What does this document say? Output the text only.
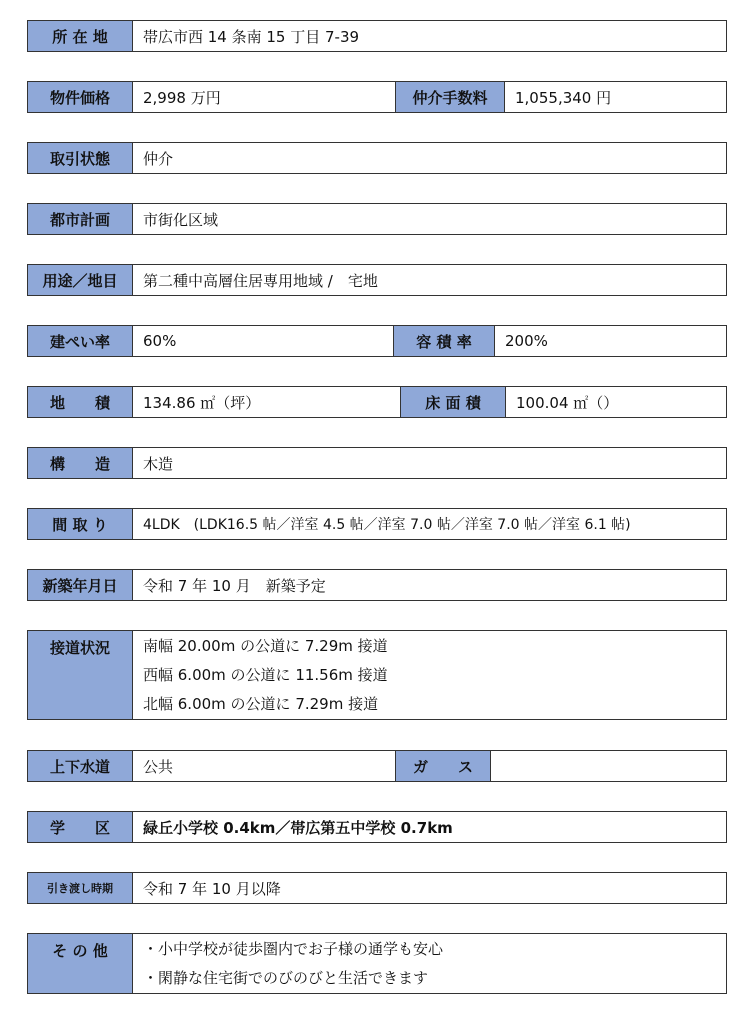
所 在 地	帯広市西 14 条南 15 丁目 7-39
物件価格	2,998 万円	仲介手数料	1,055,340 円
取引状態	仲介
都市計画	市街化区域
用途／地目	第二種中高層住居専用地域 /　宅地
建ぺい率	60%	容 積 率	200%
地　　積	134.86 ㎡（坪）	床 面 積	100.04 ㎡（）
構　　造	木造
間 取 り	4LDK　(LDK16.5 帖／洋室 4.5 帖／洋室 7.0 帖／洋室 7.0 帖／洋室 6.1 帖)
新築年月日	令和 7 年 10 月　新築予定
接道状況	南幅 20.00m の公道に 7.29m 接道
西幅 6.00m の公道に 11.56m 接道
北幅 6.00m の公道に 7.29m 接道
上下水道	公共	ガ　　ス
学　　区	緑丘小学校 0.4km／帯広第五中学校 0.7km
引き渡し時期	令和 7 年 10 月以降
そ の 他	・小中学校が徒歩圏内でお子様の通学も安心
・閑静な住宅街でのびのびと生活できます
